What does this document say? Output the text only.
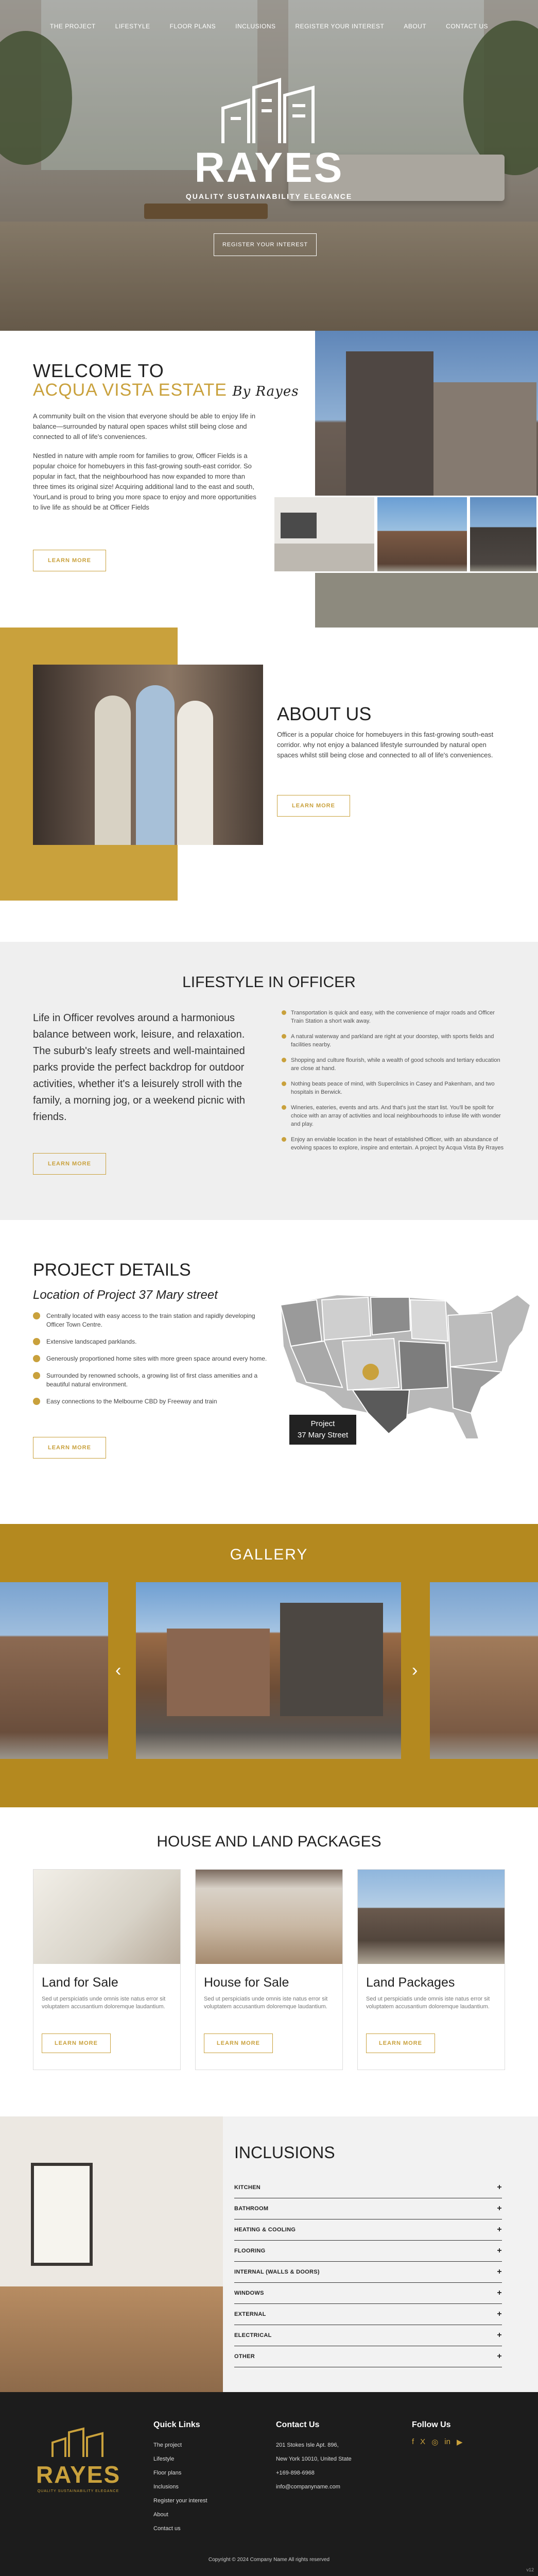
THE PROJECT	LIFESTYLE	FLOOR PLANS	INCLUSIONS	REGISTER YOUR INTEREST	ABOUT	CONTACT US
RAYES
QUALITY SUSTAINABILITY ELEGANCE
REGISTER YOUR INTEREST
WELCOME TO
ACQUA VISTA ESTATE By Rayes

A community built on the vision that everyone should be able to enjoy life in balance—surrounded by natural open spaces whilst still being close and connected to all of life's conveniences.

Nestled in nature with ample room for families to grow, Officer Fields is a popular choice for homebuyers in this fast-growing south-east corridor. So popular in fact, that the neighbourhood has now expanded to more than three times its original size! Acquiring additional land to the east and south, YourLand is proud to bring you more space to enjoy and more opportunities to live life as should be at Officer Fields

LEARN MORE
ABOUT US

Officer is a popular choice for homebuyers in this fast-growing south-east corridor. why not enjoy a balanced lifestyle surrounded by natural open spaces whilst still being close and connected to all of life's conveniences.

LEARN MORE
LIFESTYLE IN OFFICER

Life in Officer revolves around a harmonious balance between work, leisure, and relaxation. The suburb's leafy streets and well-maintained parks provide the perfect backdrop for outdoor activities, whether it's a leisurely stroll with the family, a morning jog, or a weekend picnic with friends.

LEARN MORE
Transportation is quick and easy, with the convenience of major roads and Officer Train Station a short walk away.
A natural waterway and parkland are right at your doorstep, with sports fields and facilities nearby.
Shopping and culture flourish, while a wealth of good schools and tertiary education are close at hand.
Nothing beats peace of mind, with Supercilnics in Casey and Pakenham, and two hospitals in Berwick.
Wineries, eateries, events and arts. And that's just the start list. You'll be spoilt for choice with an array of activities and local neighbourhoods to infuse life with wonder and play.
Enjoy an enviable location in the heart of established Officer, with an abundance of evolving spaces to explore, inspire and entertain. A project by Acqua Vista By Rrayes
PROJECT DETAILS
Location of Project 37 Mary street
Centrally located with easy access to the train station and rapidly developing Officer Town Centre.
Extensive landscaped parklands.
Generously proportioned home sites with more green space around every home.
Surrounded by renowned schools, a growing list of first class amenities and a beautiful natural environment.
Easy connections to the Melbourne CBD by Freeway and train
LEARN MORE
Project
37 Mary Street
GALLERY
‹	›
HOUSE AND LAND PACKAGES
Land for Sale
Sed ut perspiciatis unde omnis iste natus error sit voluptatem accusantium doloremque laudantium.
LEARN MORE
House for Sale
Sed ut perspiciatis unde omnis iste natus error sit voluptatem accusantium doloremque laudantium.
LEARN MORE
Land Packages
Sed ut perspiciatis unde omnis iste natus error sit voluptatem accusantium doloremque laudantium.
LEARN MORE
INCLUSIONS
KITCHEN	+
BATHROOM	+
HEATING & COOLING	+
FLOORING	+
INTERNAL (WALLS & DOORS)	+
WINDOWS	+
EXTERNAL	+
ELECTRICAL	+
OTHER	+
RAYES
QUALITY SUSTAINABILITY ELEGANCE
Quick Links
The project
Lifestyle
Floor plans
Inclusions
Register your interest
About
Contact us
Contact Us
201 Stokes Isle Apt. 896,
New York 10010, United State
+169-898-6968
info@companyname.com
Follow Us
f X ◎ in ▶
Copyright © 2024 Company Name All rights reserved
v12
